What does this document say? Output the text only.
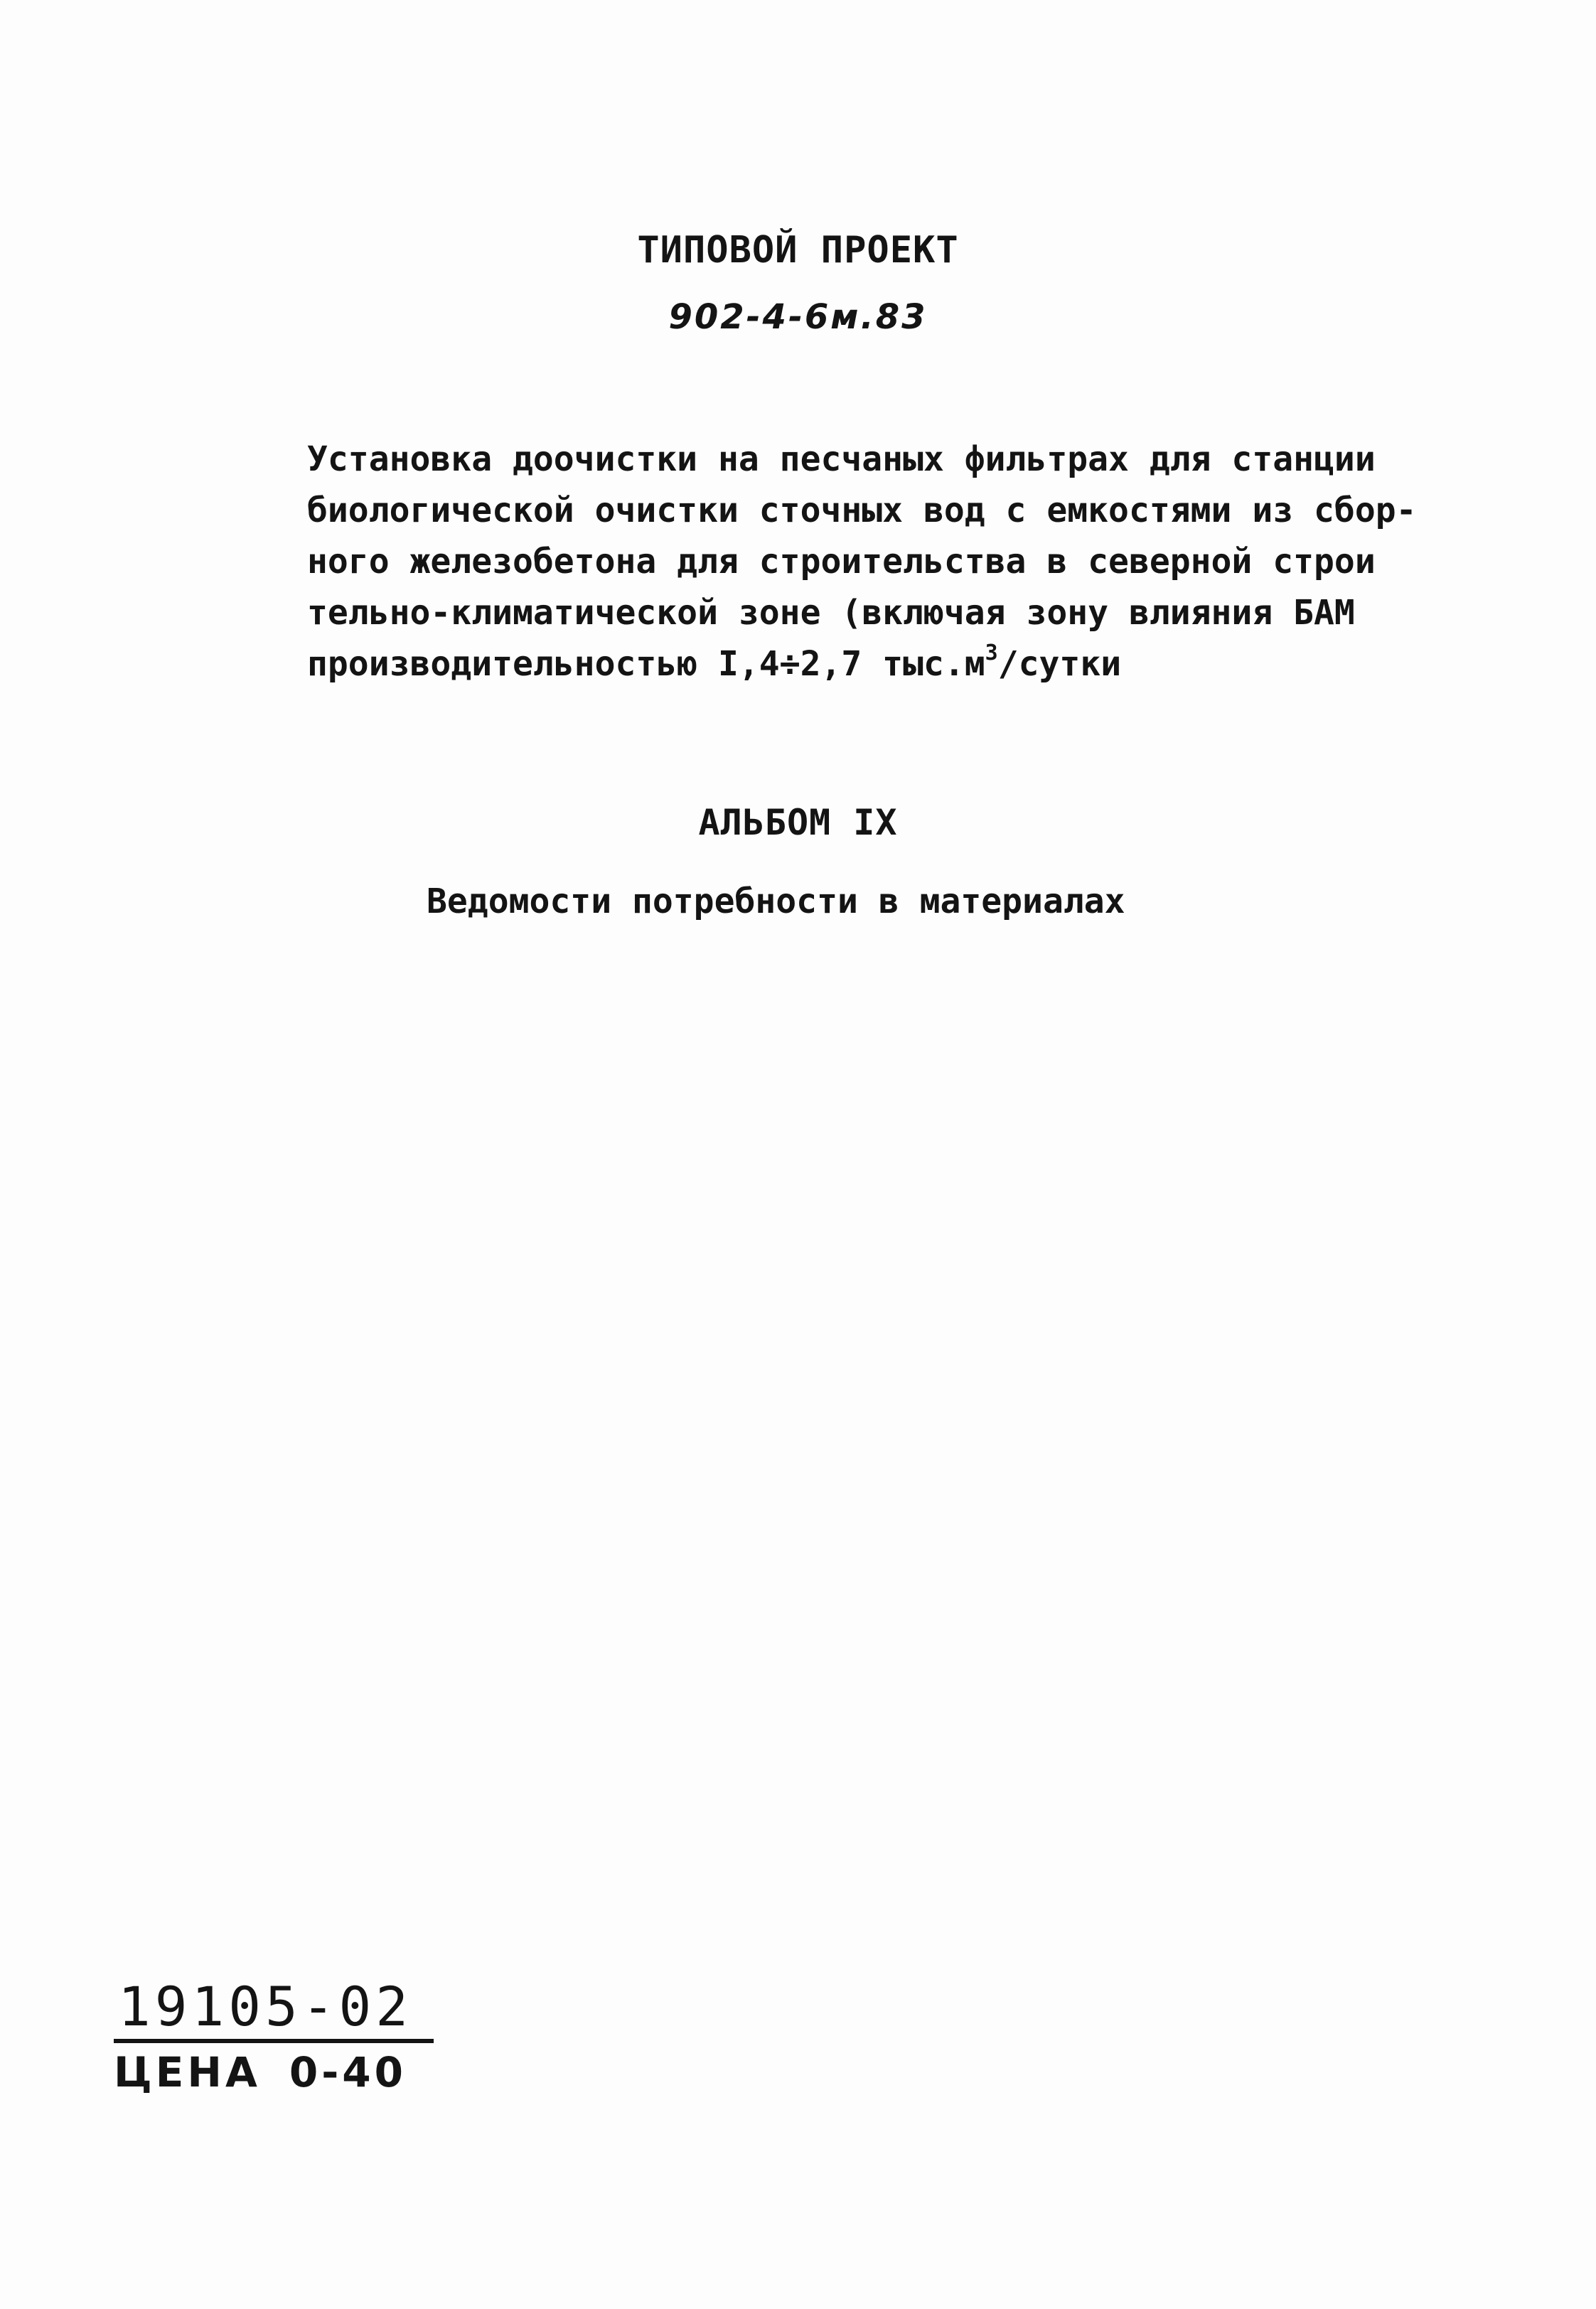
ТИПОВОЙ ПРОЕКТ
902-4-6м.83
Установка доочистки на песчаных фильтрах для станции
биологической очистки сточных вод с емкостями из сбор-
ного железобетона для строительства в северной строи
тельно-климатической зоне (включая зону влияния БАМ
производительностью I,4÷2,7 $тыс.м^3$/сутки
АЛЬБОМ IX
Ведомости потребности в материалах
19105-02
ЦЕНА 0-40
